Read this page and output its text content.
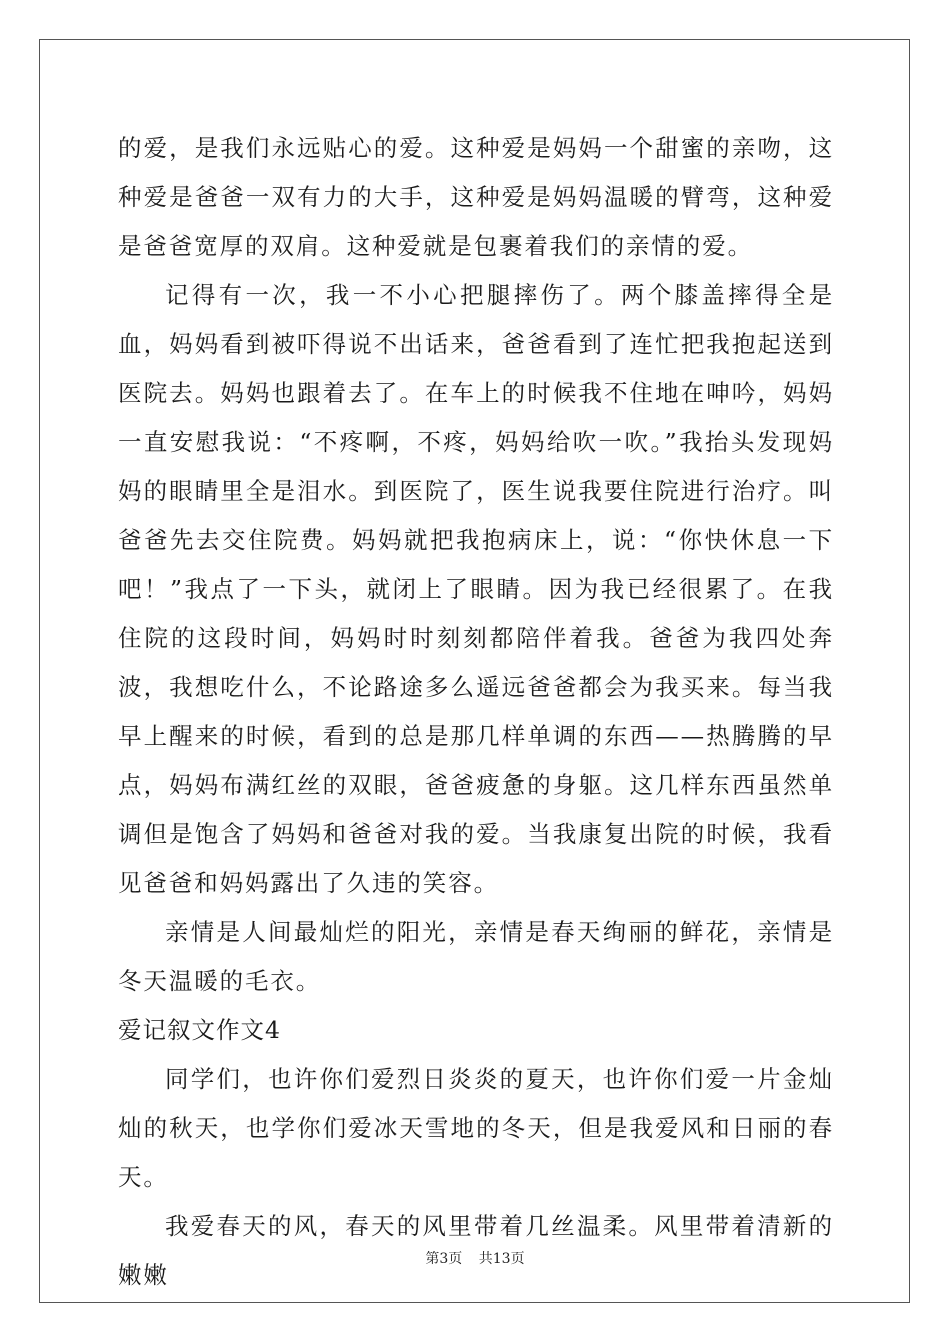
的爱，是我们永远贴心的爱。这种爱是妈妈一个甜蜜的亲吻，这种爱是爸爸一双有力的大手，这种爱是妈妈温暖的臂弯，这种爱是爸爸宽厚的双肩。这种爱就是包裹着我们的亲情的爱。

记得有一次，我一不小心把腿摔伤了。两个膝盖摔得全是血，妈妈看到被吓得说不出话来，爸爸看到了连忙把我抱起送到医院去。妈妈也跟着去了。在车上的时候我不住地在呻吟，妈妈一直安慰我说：“不疼啊，不疼，妈妈给吹一吹。”我抬头发现妈妈的眼睛里全是泪水。到医院了，医生说我要住院进行治疗。叫爸爸先去交住院费。妈妈就把我抱病床上，说：“你快休息一下吧！”我点了一下头，就闭上了眼睛。因为我已经很累了。在我住院的这段时间，妈妈时时刻刻都陪伴着我。爸爸为我四处奔波，我想吃什么，不论路途多么遥远爸爸都会为我买来。每当我早上醒来的时候，看到的总是那几样单调的东西——热腾腾的早点，妈妈布满红丝的双眼，爸爸疲惫的身躯。这几样东西虽然单调但是饱含了妈妈和爸爸对我的爱。当我康复出院的时候，我看见爸爸和妈妈露出了久违的笑容。

亲情是人间最灿烂的阳光，亲情是春天绚丽的鲜花，亲情是冬天温暖的毛衣。

爱记叙文作文4

同学们，也许你们爱烈日炎炎的夏天，也许你们爱一片金灿灿的秋天，也学你们爱冰天雪地的冬天，但是我爱风和日丽的春天。

我爱春天的风，春天的风里带着几丝温柔。风里带着清新的嫩嫩

第3页 共13页
